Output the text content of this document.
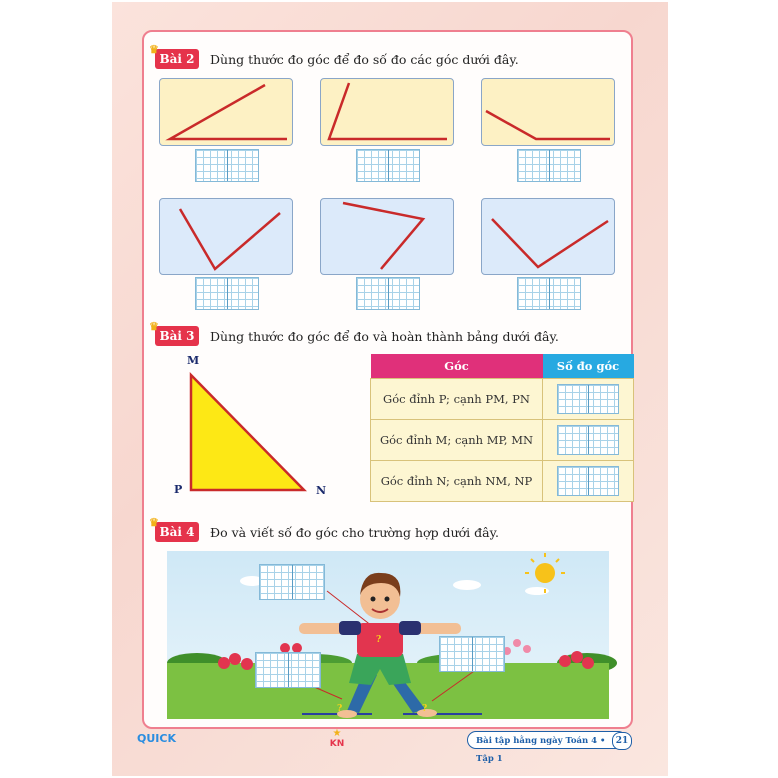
♛
Bài 2	Dùng thước đo góc để đo số đo các góc dưới đây.
♛
Bài 3	Dùng thước đo góc để đo và hoàn thành bảng dưới đây.
M
P	N
Góc	Số đo góc
Góc đỉnh P; cạnh PM, PN	

Góc đỉnh M; cạnh MP, MN	

Góc đỉnh N; cạnh NM, NP	
♛
Bài 4	Đo và viết số đo góc cho trường hợp dưới đây.
?
?	?
QUICK	★
KN	Bài tập hằng ngày Toán 4 • Tập 1
21
